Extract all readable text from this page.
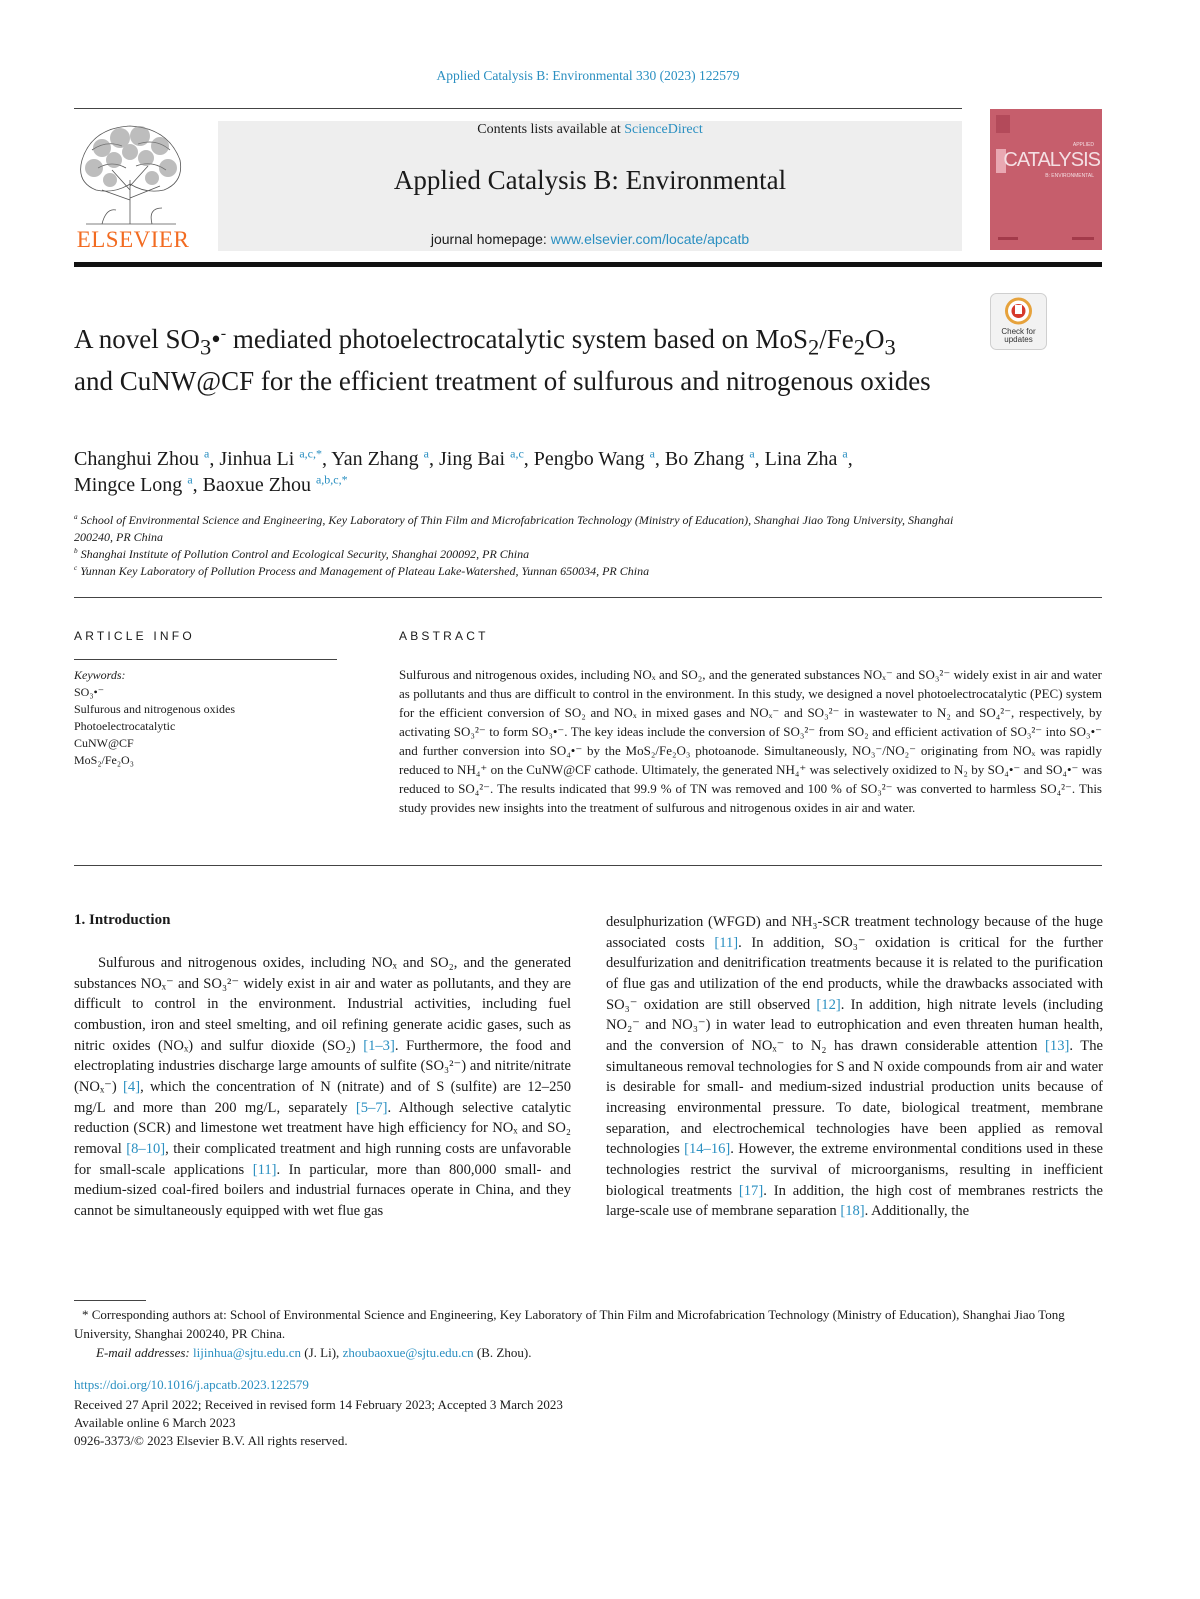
Applied Catalysis B: Environmental 330 (2023) 122579
ELSEVIER
Contents lists available at ScienceDirect
Applied Catalysis B: Environmental
journal homepage: www.elsevier.com/locate/apcatb
APPLIED
CATALYSIS
B: ENVIRONMENTAL
A novel $SO_3•^-$ mediated photoelectrocatalytic system based on $MoS_2/Fe_2O_3$
and CuNW@CF for the efficient treatment of sulfurous and nitrogenous oxides
Check for
updates
Changhui Zhou $^a$, Jinhua Li $^{a,c,*}$, Yan Zhang $^a$, Jing Bai $^{a,c}$, Pengbo Wang $^a$, Bo Zhang $^a$, Lina Zha $^a$,
Mingce Long $^a$, Baoxue Zhou $^{a,b,c,*}$
$^a$ School of Environmental Science and Engineering, Key Laboratory of Thin Film and Microfabrication Technology (Ministry of Education), Shanghai Jiao Tong University, Shanghai 200240, PR China
$^b$ Shanghai Institute of Pollution Control and Ecological Security, Shanghai 200092, PR China
$^c$ Yunnan Key Laboratory of Pollution Process and Management of Plateau Lake-Watershed, Yunnan 650034, PR China
ARTICLE INFO	ABSTRACT
Keywords:
SO₃•⁻
Sulfurous and nitrogenous oxides
Photoelectrocatalytic
CuNW@CF
MoS₂/Fe₂O₃
Sulfurous and nitrogenous oxides, including NOₓ and SO₂, and the generated substances NOₓ⁻ and SO₃²⁻ widely exist in air and water as pollutants and thus are difficult to control in the environment. In this study, we designed a novel photoelectrocatalytic (PEC) system for the efficient conversion of SO₂ and NOₓ in mixed gases and NOₓ⁻ and SO₃²⁻ in wastewater to N₂ and SO₄²⁻, respectively, by activating SO₃²⁻ to form SO₃•⁻. The key ideas include the conversion of SO₃²⁻ from SO₂ and efficient activation of SO₃²⁻ into SO₃•⁻ and further conversion into SO₄•⁻ by the MoS₂/Fe₂O₃ photoanode. Simultaneously, NO₃⁻/NO₂⁻ originating from NOₓ was rapidly reduced to NH₄⁺ on the CuNW@CF cathode. Ultimately, the generated NH₄⁺ was selectively oxidized to N₂ by SO₄•⁻ and SO₄•⁻ was reduced to SO₄²⁻. The results indicated that 99.9 % of TN was removed and 100 % of SO₃²⁻ was converted to harmless SO₄²⁻. This study provides new insights into the treatment of sulfurous and nitrogenous oxides in air and water.
1. Introduction
Sulfurous and nitrogenous oxides, including NOₓ and SO₂, and the generated substances NOₓ⁻ and SO₃²⁻ widely exist in air and water as pollutants, and they are difficult to control in the environment. Industrial activities, including fuel combustion, iron and steel smelting, and oil refining generate acidic gases, such as nitric oxides (NOₓ) and sulfur dioxide (SO₂) [1–3]. Furthermore, the food and electroplating industries discharge large amounts of sulfite (SO₃²⁻) and nitrite/nitrate (NOₓ⁻) [4], which the concentration of N (nitrate) and of S (sulfite) are 12–250 mg/L and more than 200 mg/L, separately [5–7]. Although selective catalytic reduction (SCR) and limestone wet treatment have high efficiency for NOₓ and SO₂ removal [8–10], their complicated treatment and high running costs are unfavorable for small-scale applications [11]. In particular, more than 800,000 small- and medium-sized coal-fired boilers and industrial furnaces operate in China, and they cannot be simultaneously equipped with wet flue gas
desulphurization (WFGD) and NH₃-SCR treatment technology because of the huge associated costs [11]. In addition, SO₃⁻ oxidation is critical for the further desulfurization and denitrification treatments because it is related to the purification of flue gas and utilization of the end products, while the drawbacks associated with SO₃⁻ oxidation are still observed [12]. In addition, high nitrate levels (including NO₂⁻ and NO₃⁻) in water lead to eutrophication and even threaten human health, and the conversion of NOₓ⁻ to N₂ has drawn considerable attention [13]. The simultaneous removal technologies for S and N oxide compounds from air and water is desirable for small- and medium-sized industrial production units because of increasing environmental pressure. To date, biological treatment, membrane separation, and electrochemical technologies have been applied as removal technologies [14–16]. However, the extreme environmental conditions used in these technologies restrict the survival of microorganisms, resulting in inefficient biological treatments [17]. In addition, the high cost of membranes restricts the large-scale use of membrane separation [18]. Additionally, the
* Corresponding authors at: School of Environmental Science and Engineering, Key Laboratory of Thin Film and Microfabrication Technology (Ministry of Education), Shanghai Jiao Tong University, Shanghai 200240, PR China.
E-mail addresses: lijinhua@sjtu.edu.cn (J. Li), zhoubaoxue@sjtu.edu.cn (B. Zhou).
https://doi.org/10.1016/j.apcatb.2023.122579
Received 27 April 2022; Received in revised form 14 February 2023; Accepted 3 March 2023
Available online 6 March 2023
0926-3373/© 2023 Elsevier B.V. All rights reserved.
